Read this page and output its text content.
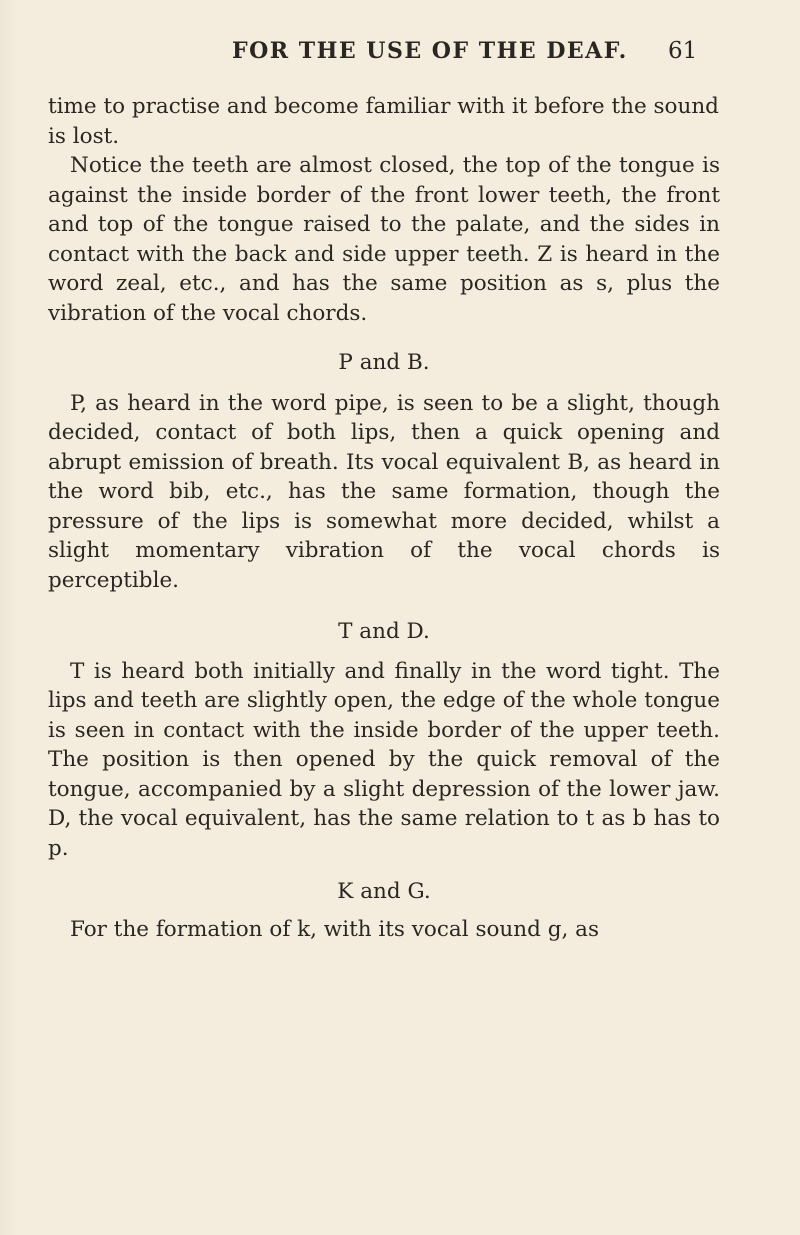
FOR THE USE OF THE DEAF. 61

time to practise and become familiar with it before the sound is lost.

Notice the teeth are almost closed, the top of the tongue is against the inside border of the front lower teeth, the front and top of the tongue raised to the palate, and the sides in contact with the back and side upper teeth. Z is heard in the word zeal, etc., and has the same position as s, plus the vibration of the vocal chords.

P and B.

P, as heard in the word pipe, is seen to be a slight, though decided, contact of both lips, then a quick opening and abrupt emission of breath. Its vocal equivalent B, as heard in the word bib, etc., has the same formation, though the pressure of the lips is somewhat more decided, whilst a slight momentary vibration of the vocal chords is perceptible.

T and D.

T is heard both initially and finally in the word tight. The lips and teeth are slightly open, the edge of the whole tongue is seen in contact with the inside border of the upper teeth. The position is then opened by the quick removal of the tongue, accompanied by a slight depression of the lower jaw. D, the vocal equivalent, has the same relation to t as b has to p.

K and G.

For the formation of k, with its vocal sound g, as
